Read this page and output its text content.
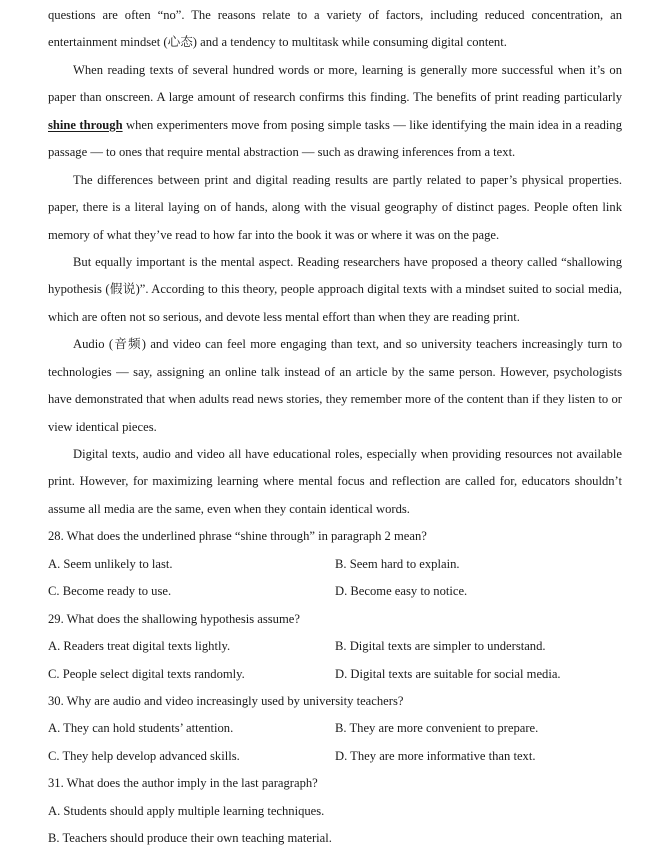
questions are often “no”. The reasons relate to a variety of factors, including reduced concentration, an
entertainment mindset (心态) and a tendency to multitask while consuming digital content.
When reading texts of several hundred words or more, learning is generally more successful when it’s on
paper than onscreen. A large amount of research confirms this finding. The benefits of print reading particularly
shine through when experimenters move from posing simple tasks — like identifying the main idea in a reading
passage — to ones that require mental abstraction — such as drawing inferences from a text.
The differences between print and digital reading results are partly related to paper’s physical properties.
paper, there is a literal laying on of hands, along with the visual geography of distinct pages. People often link
memory of what they’ve read to how far into the book it was or where it was on the page.
But equally important is the mental aspect. Reading researchers have proposed a theory called “shallowing
hypothesis (假说)”. According to this theory, people approach digital texts with a mindset suited to social media,
which are often not so serious, and devote less mental effort than when they are reading print.
Audio (音频) and video can feel more engaging than text, and so university teachers increasingly turn to
technologies — say, assigning an online talk instead of an article by the same person. However, psychologists
have demonstrated that when adults read news stories, they remember more of the content than if they listen to or
view identical pieces.
Digital texts, audio and video all have educational roles, especially when providing resources not available
print. However, for maximizing learning where mental focus and reflection are called for, educators shouldn’t
assume all media are the same, even when they contain identical words.
28. What does the underlined phrase “shine through” in paragraph 2 mean?
A. Seem unlikely to last.	B. Seem hard to explain.
C. Become ready to use.	D. Become easy to notice.
29. What does the shallowing hypothesis assume?
A. Readers treat digital texts lightly.	B. Digital texts are simpler to understand.
C. People select digital texts randomly.	D. Digital texts are suitable for social media.
30. Why are audio and video increasingly used by university teachers?
A. They can hold students’ attention.	B. They are more convenient to prepare.
C. They help develop advanced skills.	D. They are more informative than text.
31. What does the author imply in the last paragraph?
A. Students should apply multiple learning techniques.
B. Teachers should produce their own teaching material.
